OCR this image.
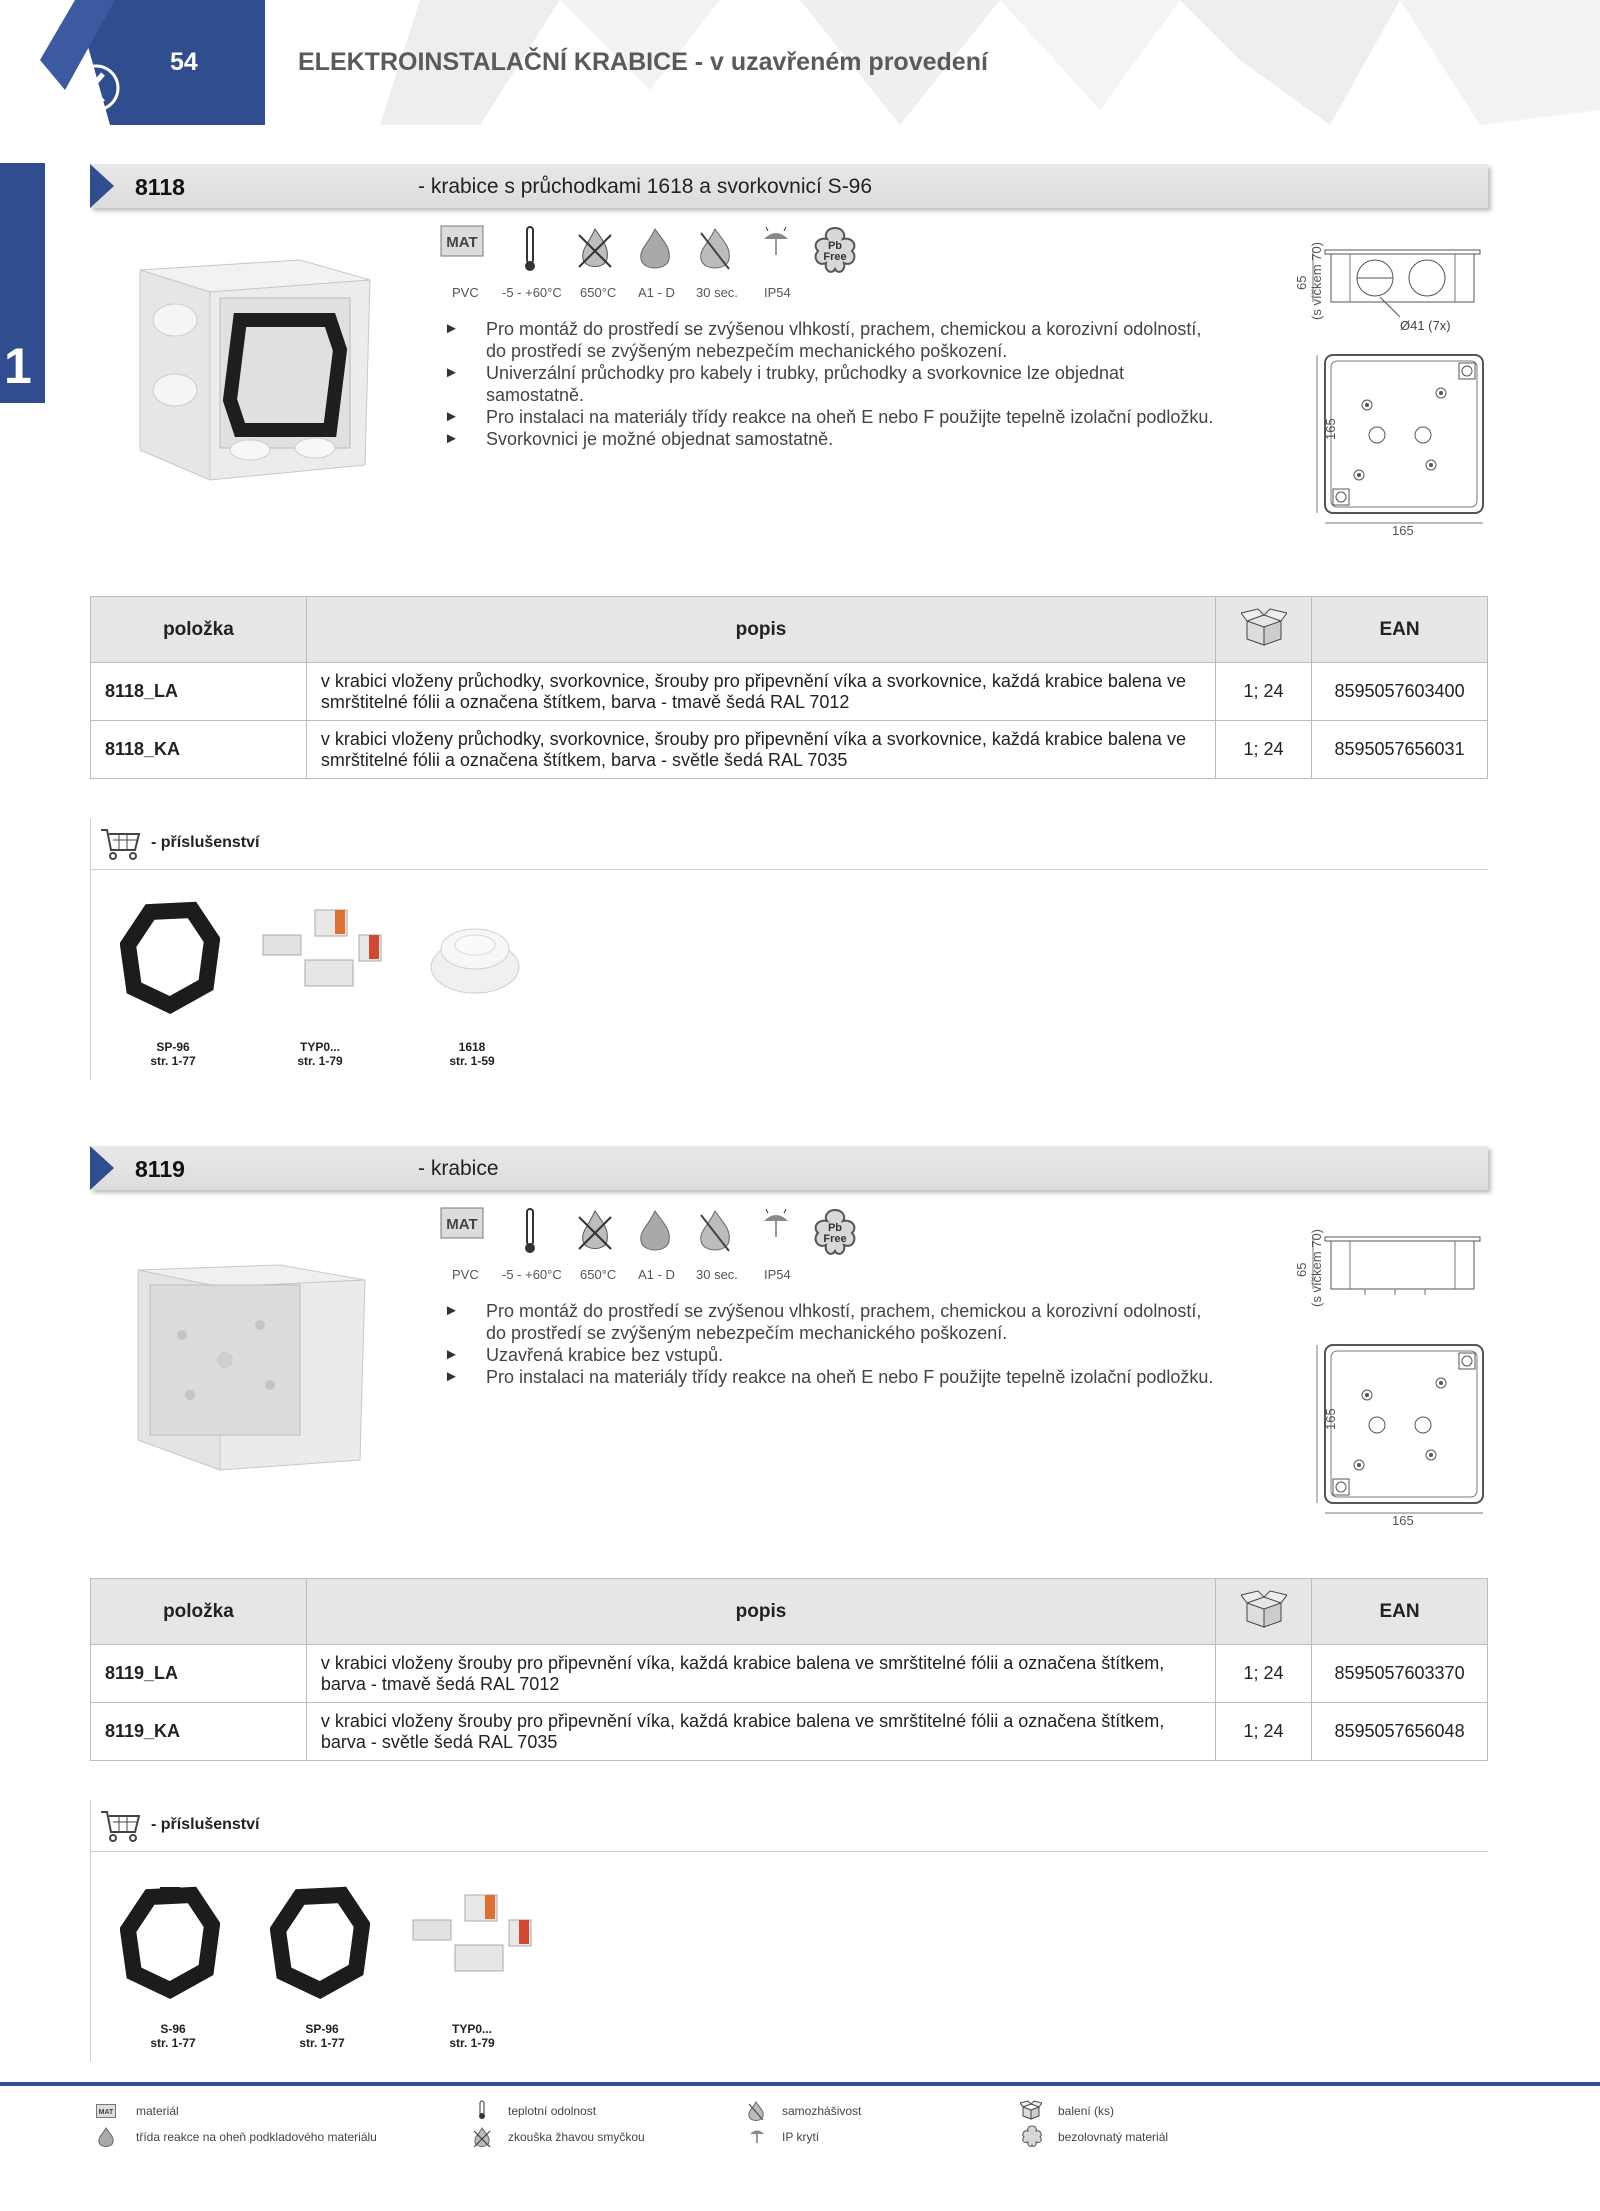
54	ELEKTROINSTALAČNÍ KRABICE - v uzavřeném provedení
1
8118	- krabice s průchodkami 1618 a svorkovnicí S-96
MAT	Pb
Free
PVC -5 - +60°C 650°C A1 - D 30 sec. IP54
► Pro montáž do prostředí se zvýšenou vlhkostí, prachem, chemickou a korozivní odolností, do prostředí se zvýšeným nebezpečím mechanického poškození.
► Univerzální průchodky pro kabely i trubky, průchodky a svorkovnice lze objednat samostatně.
► Pro instalaci na materiály třídy reakce na oheň E nebo F použijte tepelně izolační podložku.
► Svorkovnici je možné objednat samostatně.
65 (s víčkem 70)
Ø41 (7x)
165
165
položka	popis		EAN
8118_LA	v krabici vloženy průchodky, svorkovnice, šrouby pro připevnění víka a svorkovnice, každá krabice balena ve smrštitelné fólii a označena štítkem, barva - tmavě šedá RAL 7012	1; 24	8595057603400
8118_KA	v krabici vloženy průchodky, svorkovnice, šrouby pro připevnění víka a svorkovnice, každá krabice balena ve smrštitelné fólii a označena štítkem, barva - světle šedá RAL 7035	1; 24	8595057656031
- příslušenství
SP-96
str. 1-77
TYP0...
str. 1-79
1618
str. 1-59
8119	- krabice
MAT	Pb
Free
PVC -5 - +60°C 650°C A1 - D 30 sec. IP54
► Pro montáž do prostředí se zvýšenou vlhkostí, prachem, chemickou a korozivní odolností, do prostředí se zvýšeným nebezpečím mechanického poškození.
► Uzavřená krabice bez vstupů.
► Pro instalaci na materiály třídy reakce na oheň E nebo F použijte tepelně izolační podložku.
65 (s víčkem 70)
165
165
položka	popis		EAN
8119_LA	v krabici vloženy šrouby pro připevnění víka, každá krabice balena ve smrštitelné fólii a označena štítkem, barva - tmavě šedá RAL 7012	1; 24	8595057603370
8119_KA	v krabici vloženy šrouby pro připevnění víka, každá krabice balena ve smrštitelné fólii a označena štítkem, barva - světle šedá RAL 7035	1; 24	8595057656048
- příslušenství
S-96
str. 1-77
SP-96
str. 1-77
TYP0...
str. 1-79
MAT materiál	teplotní odolnost	samozhášivost	balení (ks)
třída reakce na oheň podkladového materiálu	zkouška žhavou smyčkou	IP krytí	bezolovnatý materiál
